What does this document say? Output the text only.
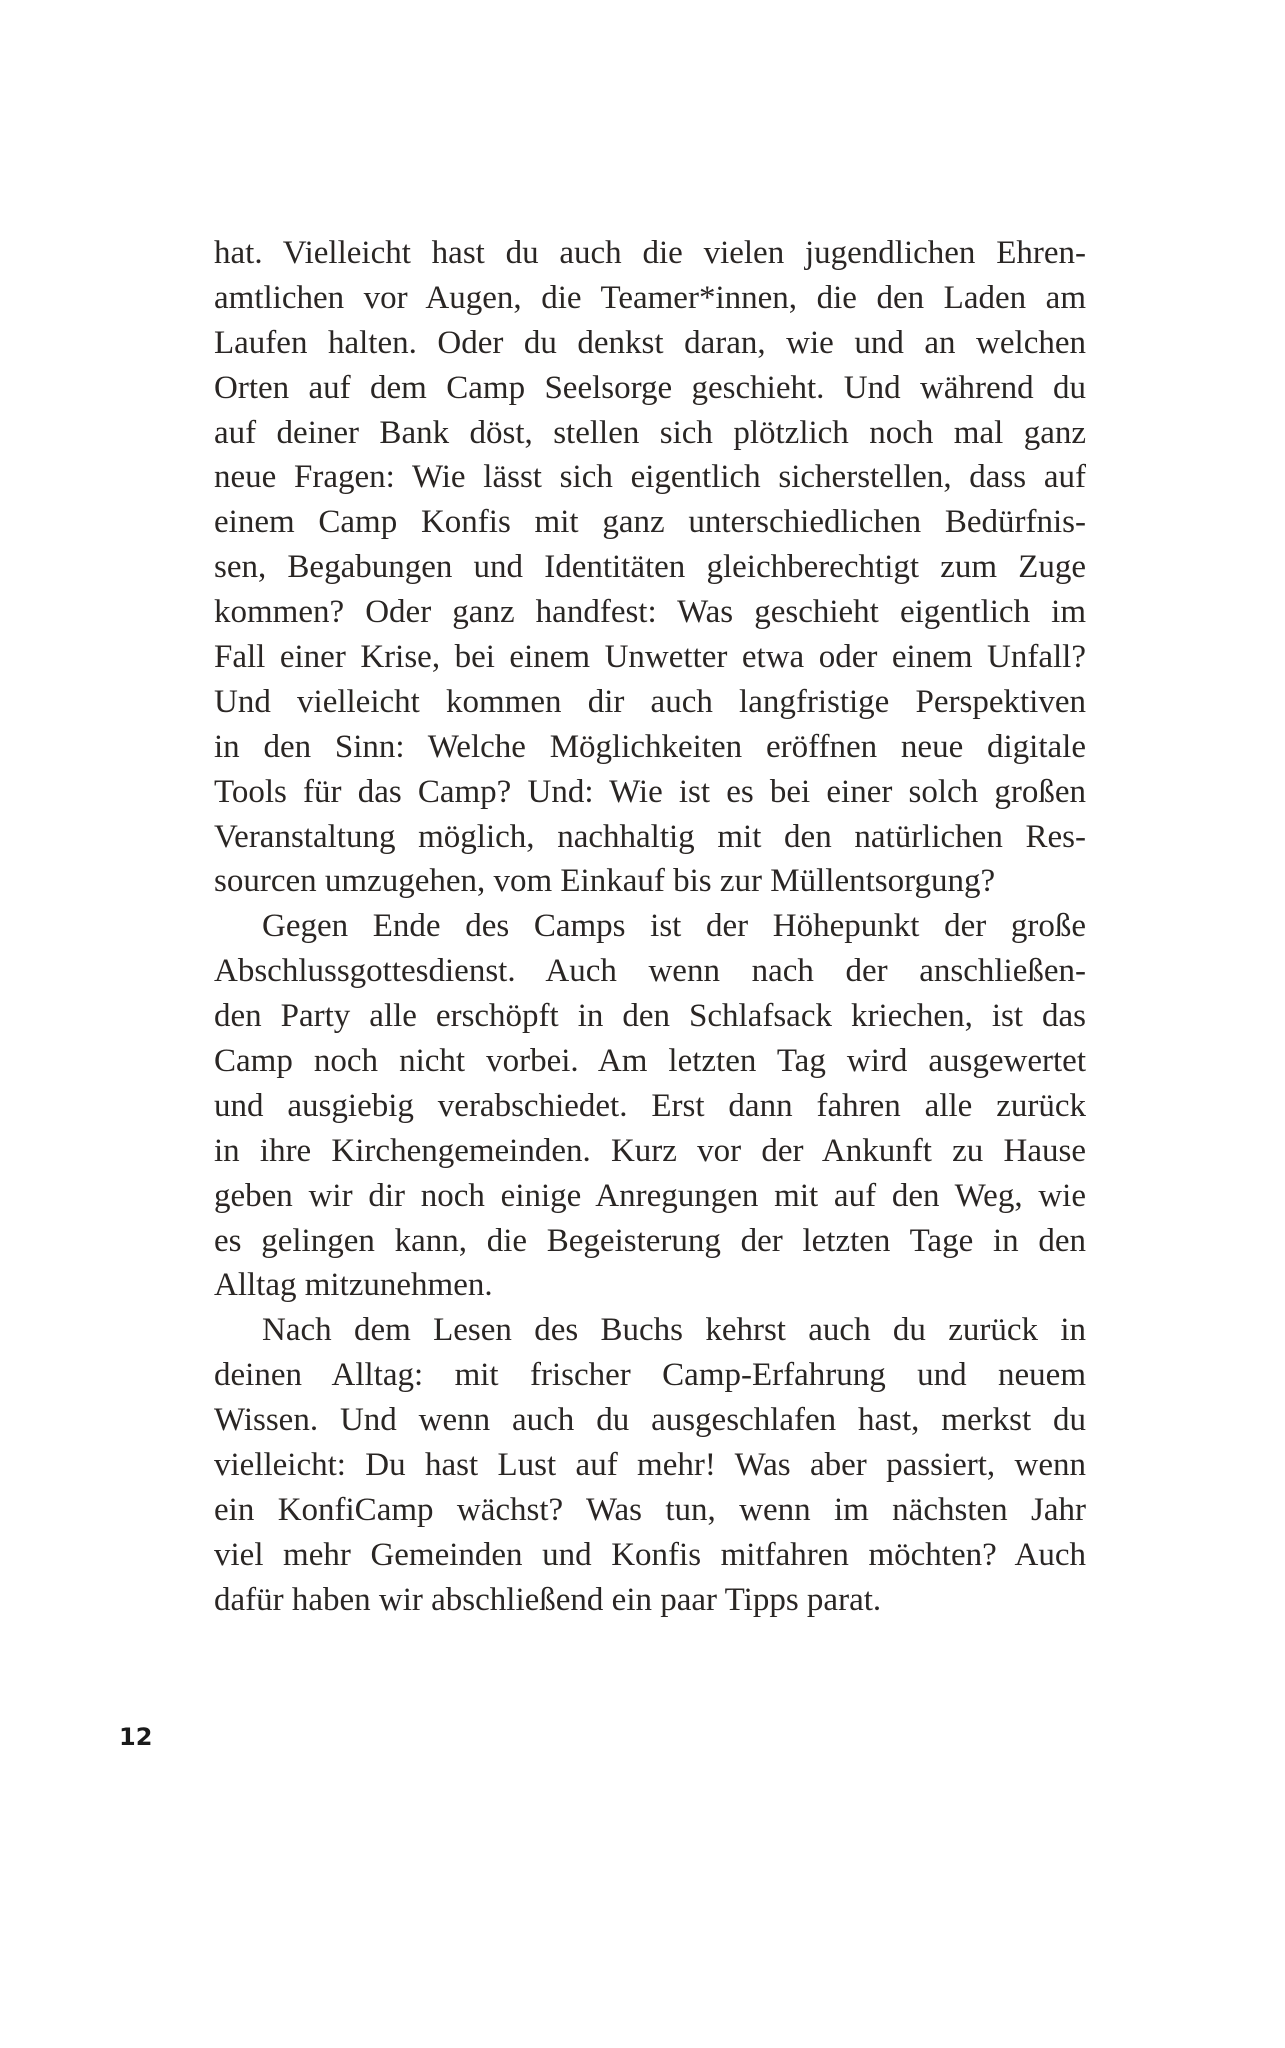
hat. Vielleicht hast du auch die vielen jugendlichen Ehren-
amtlichen vor Augen, die Teamer*innen, die den Laden am
Laufen halten. Oder du denkst daran, wie und an welchen
Orten auf dem Camp Seelsorge geschieht. Und während du
auf deiner Bank döst, stellen sich plötzlich noch mal ganz
neue Fragen: Wie lässt sich eigentlich sicherstellen, dass auf
einem Camp Konfis mit ganz unterschiedlichen Bedürfnis-
sen, Begabungen und Identitäten gleichberechtigt zum Zuge
kommen? Oder ganz handfest: Was geschieht eigentlich im
Fall einer Krise, bei einem Unwetter etwa oder einem Unfall?
Und vielleicht kommen dir auch langfristige Perspektiven
in den Sinn: Welche Möglichkeiten eröffnen neue digitale
Tools für das Camp? Und: Wie ist es bei einer solch großen
Veranstaltung möglich, nachhaltig mit den natürlichen Res-
sourcen umzugehen, vom Einkauf bis zur Müllentsorgung?
Gegen Ende des Camps ist der Höhepunkt der große
Abschlussgottesdienst. Auch wenn nach der anschließen-
den Party alle erschöpft in den Schlafsack kriechen, ist das
Camp noch nicht vorbei. Am letzten Tag wird ausgewertet
und ausgiebig verabschiedet. Erst dann fahren alle zurück
in ihre Kirchengemeinden. Kurz vor der Ankunft zu Hause
geben wir dir noch einige Anregungen mit auf den Weg, wie
es gelingen kann, die Begeisterung der letzten Tage in den
Alltag mitzunehmen.
Nach dem Lesen des Buchs kehrst auch du zurück in
deinen Alltag: mit frischer Camp-Erfahrung und neuem
Wissen. Und wenn auch du ausgeschlafen hast, merkst du
vielleicht: Du hast Lust auf mehr! Was aber passiert, wenn
ein KonfiCamp wächst? Was tun, wenn im nächsten Jahr
viel mehr Gemeinden und Konfis mitfahren möchten? Auch
dafür haben wir abschließend ein paar Tipps parat.
12
